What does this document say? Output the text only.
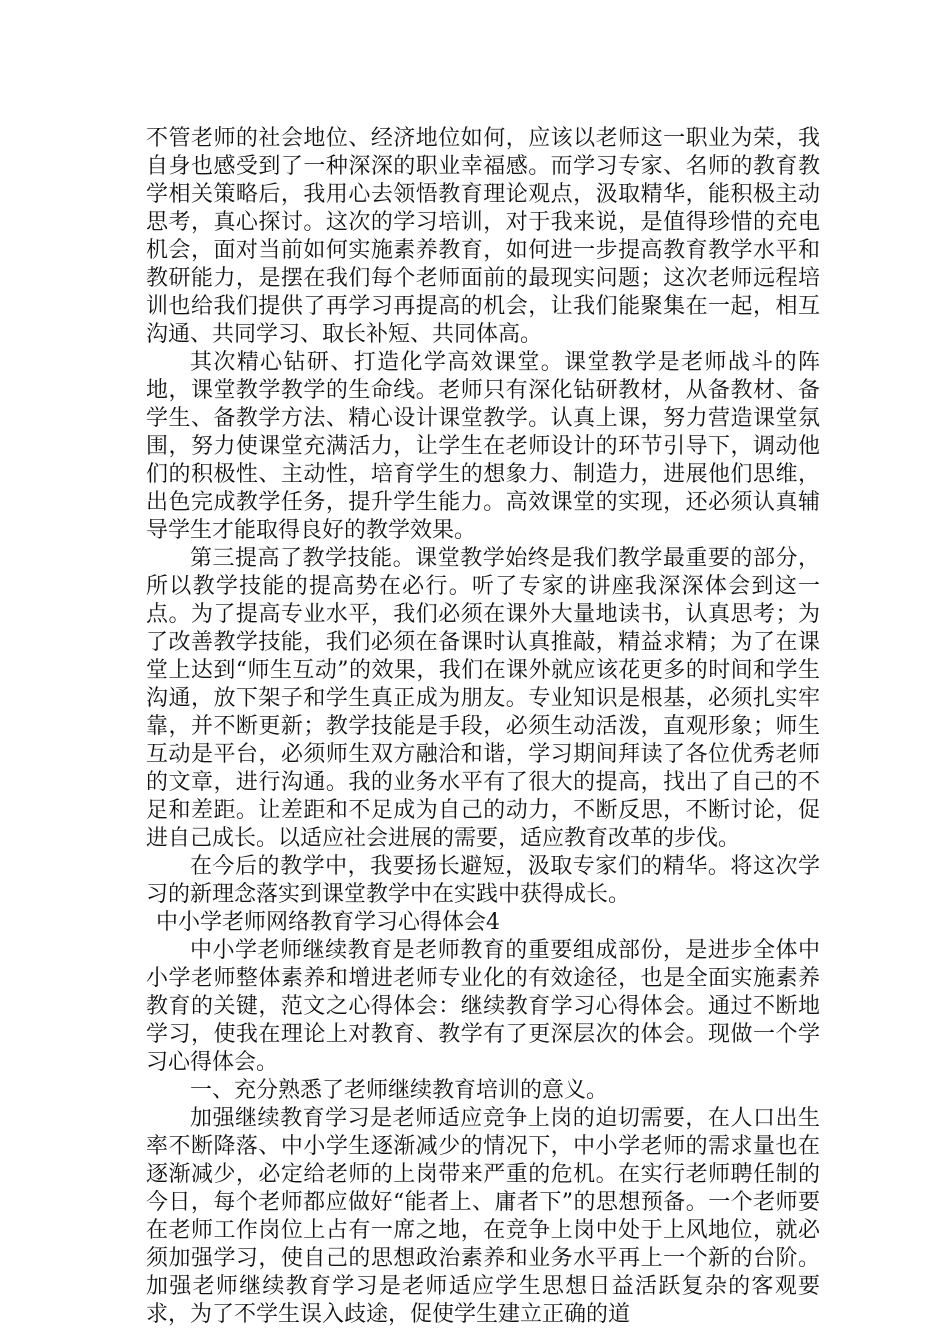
不管老师的社会地位、经济地位如何，应该以老师这一职业为荣，我自身也感受到了一种深深的职业幸福感。而学习专家、名师的教育教学相关策略后，我用心去领悟教育理论观点，汲取精华，能积极主动思考，真心探讨。这次的学习培训，对于我来说，是值得珍惜的充电机会，面对当前如何实施素养教育，如何进一步提高教育教学水平和教研能力，是摆在我们每个老师面前的最现实问题；这次老师远程培训也给我们提供了再学习再提高的机会，让我们能聚集在一起，相互沟通、共同学习、取长补短、共同体高。

其次精心钻研、打造化学高效课堂。课堂教学是老师战斗的阵地，课堂教学教学的生命线。老师只有深化钻研教材，从备教材、备学生、备教学方法、精心设计课堂教学。认真上课，努力营造课堂氛围，努力使课堂充满活力，让学生在老师设计的环节引导下，调动他们的积极性、主动性，培育学生的想象力、制造力，进展他们思维，出色完成教学任务，提升学生能力。高效课堂的实现，还必须认真辅导学生才能取得良好的教学效果。

第三提高了教学技能。课堂教学始终是我们教学最重要的部分，所以教学技能的提高势在必行。听了专家的讲座我深深体会到这一点。为了提高专业水平，我们必须在课外大量地读书，认真思考；为了改善教学技能，我们必须在备课时认真推敲，精益求精；为了在课堂上达到“师生互动”的效果，我们在课外就应该花更多的时间和学生沟通，放下架子和学生真正成为朋友。专业知识是根基，必须扎实牢靠，并不断更新；教学技能是手段，必须生动活泼，直观形象；师生互动是平台，必须师生双方融洽和谐，学习期间拜读了各位优秀老师的文章，进行沟通。我的业务水平有了很大的提高，找出了自己的不足和差距。让差距和不足成为自己的动力，不断反思，不断讨论，促进自己成长。以适应社会进展的需要，适应教育改革的步伐。

在今后的教学中，我要扬长避短，汲取专家们的精华。将这次学习的新理念落实到课堂教学中在实践中获得成长。

中小学老师网络教育学习心得体会4

中小学老师继续教育是老师教育的重要组成部份，是进步全体中小学老师整体素养和增进老师专业化的有效途径，也是全面实施素养教育的关键，范文之心得体会：继续教育学习心得体会。通过不断地学习，使我在理论上对教育、教学有了更深层次的体会。现做一个学习心得体会。

一、充分熟悉了老师继续教育培训的意义。

加强继续教育学习是老师适应竞争上岗的迫切需要，在人口出生率不断降落、中小学生逐渐减少的情况下，中小学老师的需求量也在逐渐减少，必定给老师的上岗带来严重的危机。在实行老师聘任制的今日，每个老师都应做好“能者上、庸者下”的思想预备。一个老师要在老师工作岗位上占有一席之地，在竞争上岗中处于上风地位，就必须加强学习，使自己的思想政治素养和业务水平再上一个新的台阶。加强老师继续教育学习是老师适应学生思想日益活跃复杂的客观要求，为了不学生误入歧途，促使学生建立正确的道
